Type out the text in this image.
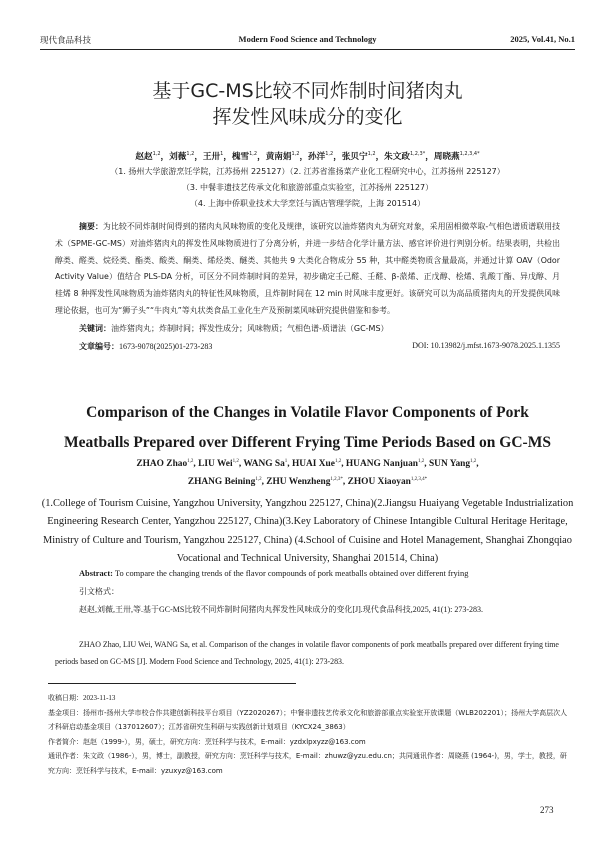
现代食品科技	Modern Food Science and Technology	2025, Vol.41, No.1
基于GC-MS比较不同炸制时间猪肉丸
挥发性风味成分的变化
赵赵$^{1,2}$，刘薇$^{1,2}$，王卅$^1$，槐雪$^{1,2}$，黄南娟$^{1,2}$，孙洋$^{1,2}$，张贝宁$^{1,2}$，朱文政$^{1,2,3*}$，周晓燕$^{1,2,3,4*}$
（1. 扬州大学旅游烹饪学院，江苏扬州 225127）（2. 江苏省淮扬菜产业化工程研究中心，江苏扬州 225127）
（3. 中餐非遗技艺传承文化和旅游部重点实验室，江苏扬州 225127）
（4. 上海中侨职业技术大学烹饪与酒店管理学院，上海 201514）
摘要：为比较不同炸制时间得到的猪肉丸风味物质的变化及规律，该研究以油炸猪肉丸为研究对象，采用固相微萃取-气相色谱质谱联用技术（SPME-GC-MS）对油炸猪肉丸的挥发性风味物质进行了分离分析，并进一步结合化学计量方法、感官评价进行判别分析。结果表明，共检出醇类、醛类、烷烃类、酯类、酸类、酮类、烯烃类、醚类、其他共 9 大类化合物成分 55 种，其中醛类物质含量最高，并通过计算 OAV（Odor Activity Value）值结合 PLS-DA 分析，可区分不同炸制时间的差异，初步确定壬己醛、壬醛、β-蒎烯、正戊醇、桧烯、乳酸丁酯、异戊醇、月桂烯 8 种挥发性风味物质为油炸猪肉丸的特征性风味物质，且炸制时间在 12 min 时风味丰度更好。该研究可以为高品质猪肉丸的开发提供风味理论依据，也可为“狮子头”“牛肉丸”等丸状类食品工业化生产及预制菜风味研究提供借鉴和参考。
关键词：油炸猪肉丸；炸制时间；挥发性成分；风味物质；气相色谱-质谱法（GC-MS）
文章编号：1673-9078(2025)01-273-283	DOI: 10.13982/j.mfst.1673-9078.2025.1.1355
Comparison of the Changes in Volatile Flavor Components of Pork
Meatballs Prepared over Different Frying Time Periods Based on GC-MS
ZHAO Zhao$^{1,2}$, LIU Wei$^{1,2}$, WANG Sa$^1$, HUAI Xue$^{1,2}$, HUANG Nanjuan$^{1,2}$, SUN Yang$^{1,2}$,
ZHANG Beining$^{1,2}$, ZHU Wenzheng$^{1,2,3*}$, ZHOU Xiaoyan$^{1,2,3,4*}$
(1.College of Tourism Cuisine, Yangzhou University, Yangzhou 225127, China)(2.Jiangsu Huaiyang Vegetable Industrialization Engineering Research Center, Yangzhou 225127, China)(3.Key Laboratory of Chinese Intangible Cultural Heritage Heritage, Ministry of Culture and Tourism, Yangzhou 225127, China) (4.School of Cuisine and Hotel Management, Shanghai Zhongqiao Vocational and Technical University, Shanghai 201514, China)
Abstract: To compare the changing trends of the flavor compounds of pork meatballs obtained over different frying
引文格式：
赵赵,刘薇,王卅,等.基于GC-MS比较不同炸制时间猪肉丸挥发性风味成分的变化[J].现代食品科技,2025, 41(1): 273-283.
ZHAO Zhao, LIU Wei, WANG Sa, et al. Comparison of the changes in volatile flavor components of pork meatballs prepared over different frying time periods based on GC-MS [J]. Modern Food Science and Technology, 2025, 41(1): 273-283.
收稿日期：2023-11-13
基金项目：扬州市-扬州大学市校合作共建创新科技平台项目（YZ2020267）；中餐非遗技艺传承文化和旅游部重点实验室开放课题（WLB202201）；扬州大学高层次人才科研启动基金项目（137012607）；江苏省研究生科研与实践创新计划项目（KYCX24_3863）
作者简介：赵赵（1999-），男，硕士，研究方向：烹饪科学与技术，E-mail：yzdxlpxyzz@163.com
通讯作者：朱文政（1986-），男，博士，副教授，研究方向：烹饪科学与技术，E-mail：zhuwz@yzu.edu.cn；共同通讯作者：周晓燕 (1964-)，男，学士，教授，研究方向：烹饪科学与技术，E-mail：yzuxyz@163.com
273
